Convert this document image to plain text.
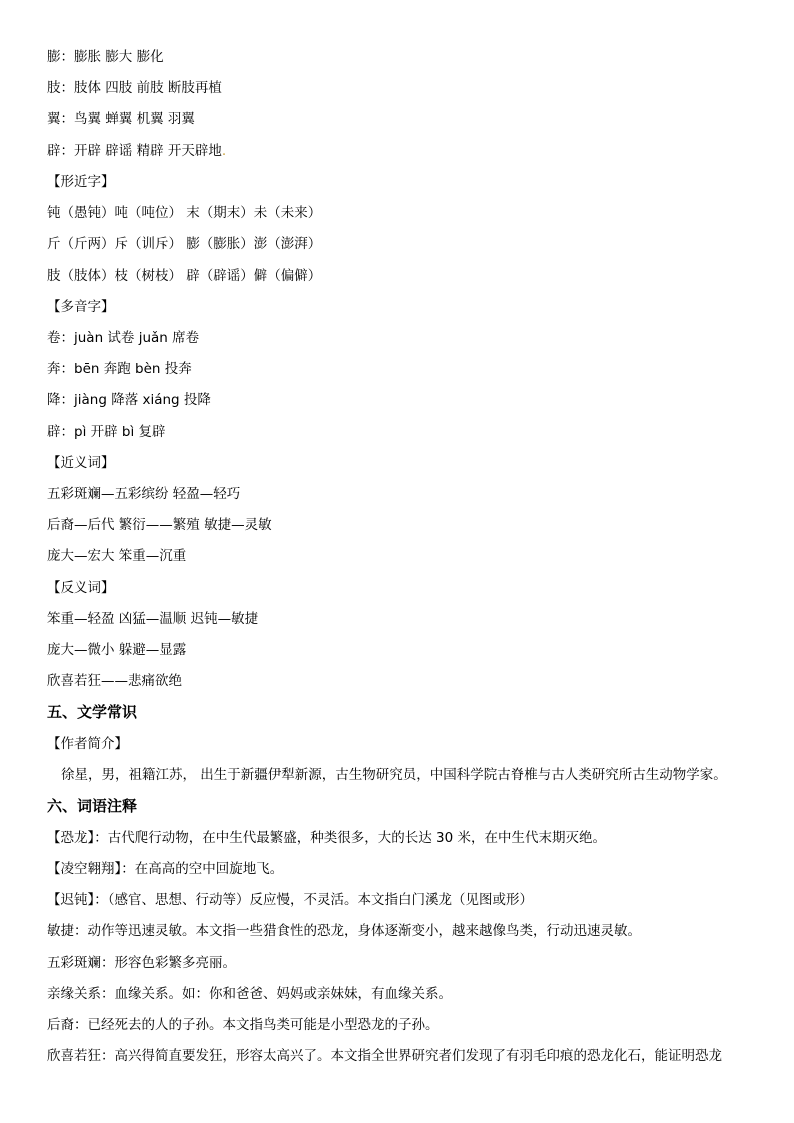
膨：膨胀 膨大 膨化
肢：肢体 四肢 前肢 断肢再植
翼：鸟翼 蝉翼 机翼 羽翼
辟：开辟 辟谣 精辟 开天辟地.
【形近字】
钝（愚钝）吨（吨位） 末（期末）未（未来）
斤（斤两）斥（训斥） 膨（膨胀）澎（澎湃）
肢（肢体）枝（树枝） 辟（辟谣）僻（偏僻）
【多音字】
卷：juàn 试卷 juǎn 席卷
奔：bēn 奔跑 bèn 投奔
降：jiàng 降落 xiáng 投降
辟：pì 开辟 bì 复辟
【近义词】
五彩斑斓—五彩缤纷 轻盈—轻巧
后裔—后代 繁衍——繁殖 敏捷—灵敏
庞大—宏大 笨重—沉重
【反义词】
笨重—轻盈 凶猛—温顺 迟钝—敏捷
庞大—微小 躲避—显露
欣喜若狂——悲痛欲绝
五、文学常识
【作者简介】
徐星，男，祖籍江苏， 出生于新疆伊犁新源，古生物研究员，中国科学院古脊椎与古人类研究所古生动物学家。
六、词语注释
【恐龙】：古代爬行动物，在中生代最繁盛，种类很多，大的长达 30 米，在中生代末期灭绝。
【凌空翱翔】：在高高的空中回旋地飞。
【迟钝】：（感官、思想、行动等）反应慢，不灵活。本文指白门溪龙（见图或形）
敏捷：动作等迅速灵敏。本文指一些猎食性的恐龙，身体逐渐变小，越来越像鸟类，行动迅速灵敏。
五彩斑斓：形容色彩繁多亮丽。
亲缘关系：血缘关系。如：你和爸爸、妈妈或亲妹妹，有血缘关系。
后裔：已经死去的人的子孙。本文指鸟类可能是小型恐龙的子孙。
欣喜若狂：高兴得简直要发狂，形容太高兴了。本文指全世界研究者们发现了有羽毛印痕的恐龙化石，能证明恐龙
